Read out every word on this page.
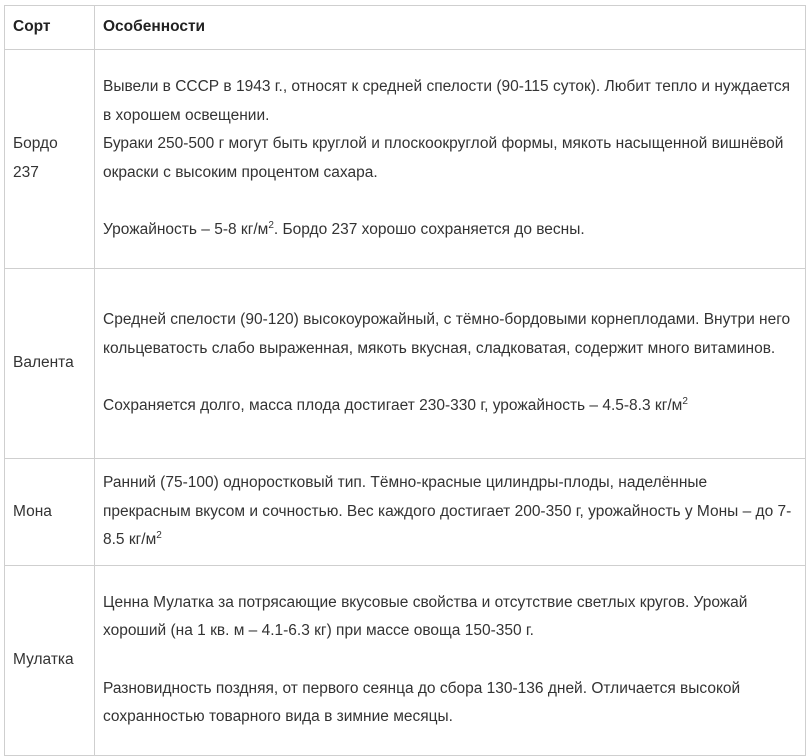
Сорт	Особенности
Бордо 237	Вывели в СССР в 1943 г., относят к средней спелости (90-115 суток). Любит тепло и нуждается в хорошем освещении.

Бураки 250-500 г могут быть круглой и плоскоокруглой формы, мякоть насыщенной вишнёвой окраски с высоким процентом сахара.

Урожайность – 5-8 $кг/м^2$. Бордо 237 хорошо сохраняется до весны.

Валента	Средней спелости (90-120) высокоурожайный, с тёмно-бордовыми корнеплодами. Внутри него кольцеватость слабо выраженная, мякоть вкусная, сладковатая, содержит много витаминов.

Сохраняется долго, масса плода достигает 230-330 г, урожайность – 4.5-8.3 $кг/м^2$

Мона	Ранний (75-100) одноростковый тип. Тёмно-красные цилиндры-плоды, наделённые прекрасным вкусом и сочностью. Вес каждого достигает 200-350 г, урожайность у Моны – до 7-8.5 $кг/м^2$

Мулатка	Ценна Мулатка за потрясающие вкусовые свойства и отсутствие светлых кругов. Урожай хороший (на 1 кв. м – 4.1-6.3 кг) при массе овоща 150-350 г.

Разновидность поздняя, от первого сеянца до сбора 130-136 дней. Отличается высокой сохранностью товарного вида в зимние месяцы.
